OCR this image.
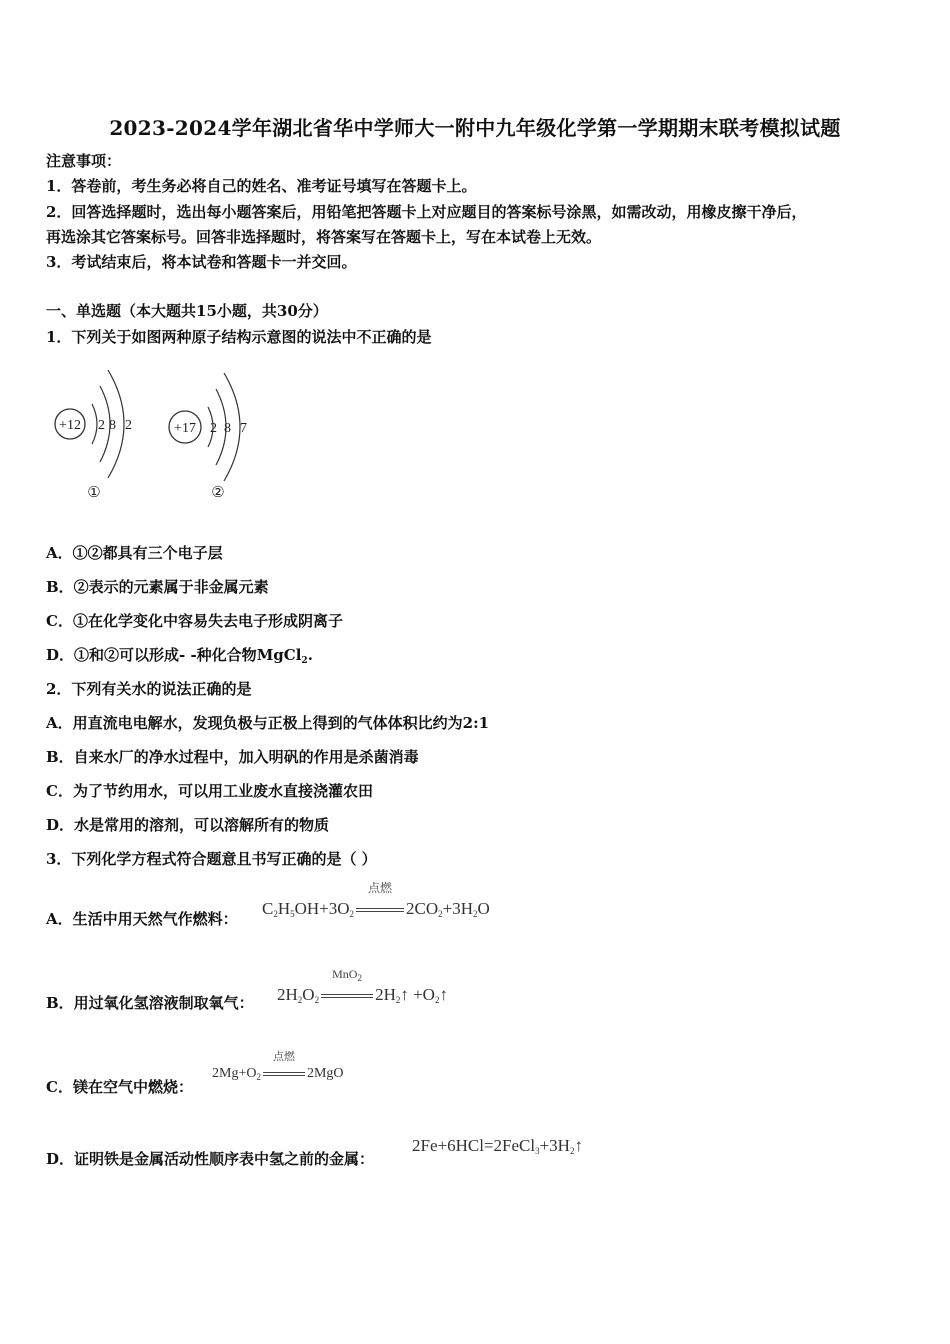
2023-2024学年湖北省华中学师大一附中九年级化学第一学期期末联考模拟试题
注意事项：
1．答卷前，考生务必将自己的姓名、准考证号填写在答题卡上。
2．回答选择题时，选出每小题答案后，用铅笔把答题卡上对应题目的答案标号涂黑，如需改动，用橡皮擦干净后，
再选涂其它答案标号。回答非选择题时，将答案写在答题卡上，写在本试卷上无效。
3．考试结束后，将本试卷和答题卡一并交回。
一、单选题（本大题共15小题，共30分）
1．下列关于如图两种原子结构示意图的说法中不正确的是
+12 2 8 2
①
+17 2 8 7
②
A．①②都具有三个电子层
B．②表示的元素属于非金属元素
C．①在化学变化中容易失去电子形成阴离子
D．①和②可以形成- -种化合物MgCl$_2$.
2．下列有关水的说法正确的是
A．用直流电电解水，发现负极与正极上得到的气体体积比约为2:1
B．自来水厂的净水过程中，加入明矾的作用是杀菌消毒
C．为了节约用水，可以用工业废水直接浇灌农田
D．水是常用的溶剂，可以溶解所有的物质
3．下列化学方程式符合题意且书写正确的是（ ）
A．生活中用天然气作燃料：
$C_2H_5OH+3O_2$
点燃
$2CO_2+3H_2O$
B．用过氧化氢溶液制取氧气： $2H_2O_2$
MnO$_2$
$2H_2↑$ $+O_2↑$
C．镁在空气中燃烧：
$2Mg+O_2$
点燃
2MgO
D．证明铁是金属活动性顺序表中氢之前的金属：
$2Fe+6HCl=2FeCl_3+3H_2↑$
